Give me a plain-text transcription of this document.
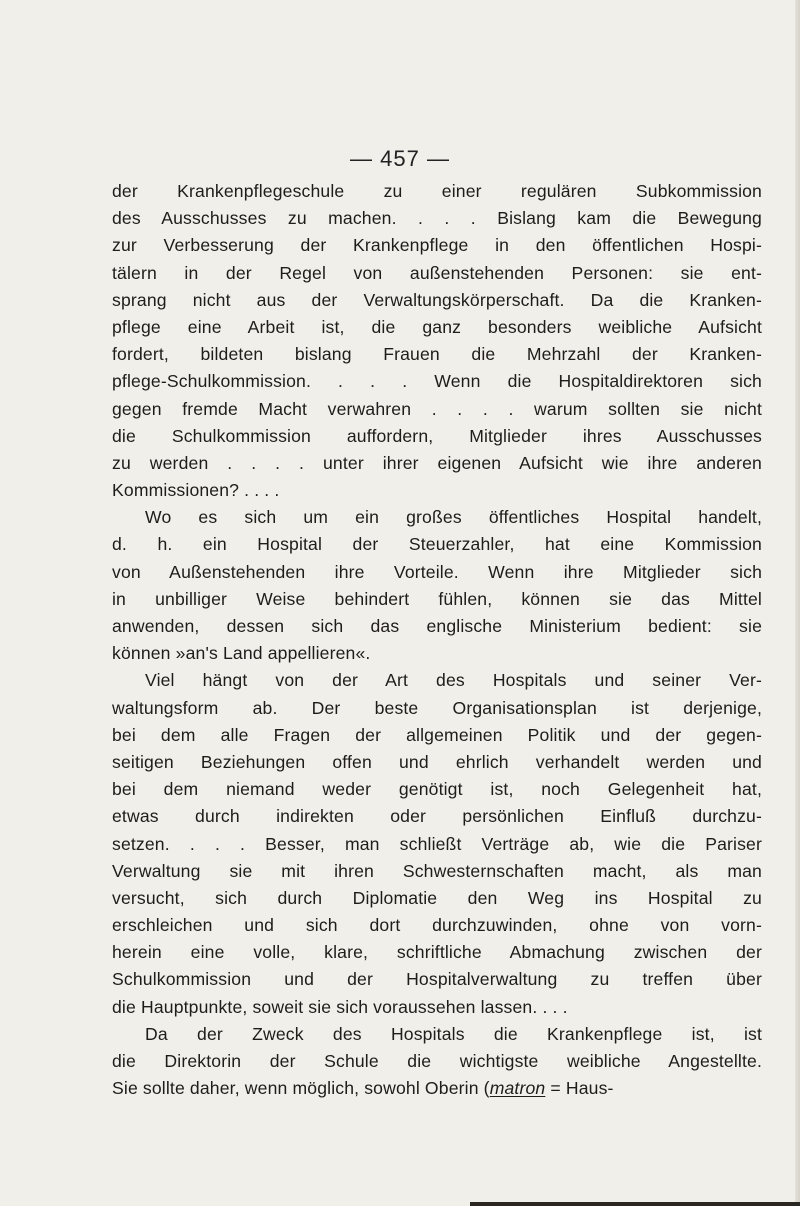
— 457 —

der Krankenpflegeschule zu einer regulären Subkommission
des Ausschusses zu machen. . . . Bislang kam die Bewegung
zur Verbesserung der Krankenpflege in den öffentlichen Hospi-
tälern in der Regel von außenstehenden Personen: sie ent-
sprang nicht aus der Verwaltungskörperschaft. Da die Kranken-
pflege eine Arbeit ist, die ganz besonders weibliche Aufsicht
fordert, bildeten bislang Frauen die Mehrzahl der Kranken-
pflege-Schulkommission. . . . Wenn die Hospitaldirektoren sich
gegen fremde Macht verwahren . . . . warum sollten sie nicht
die Schulkommission auffordern, Mitglieder ihres Ausschusses
zu werden . . . . unter ihrer eigenen Aufsicht wie ihre anderen
Kommissionen? . . . .
Wo es sich um ein großes öffentliches Hospital handelt,
d. h. ein Hospital der Steuerzahler, hat eine Kommission
von Außenstehenden ihre Vorteile. Wenn ihre Mitglieder sich
in unbilliger Weise behindert fühlen, können sie das Mittel
anwenden, dessen sich das englische Ministerium bedient: sie
können »an's Land appellieren«.
Viel hängt von der Art des Hospitals und seiner Ver-
waltungsform ab. Der beste Organisationsplan ist derjenige,
bei dem alle Fragen der allgemeinen Politik und der gegen-
seitigen Beziehungen offen und ehrlich verhandelt werden und
bei dem niemand weder genötigt ist, noch Gelegenheit hat,
etwas durch indirekten oder persönlichen Einfluß durchzu-
setzen. . . . Besser, man schließt Verträge ab, wie die Pariser
Verwaltung sie mit ihren Schwesternschaften macht, als man
versucht, sich durch Diplomatie den Weg ins Hospital zu
erschleichen und sich dort durchzuwinden, ohne von vorn-
herein eine volle, klare, schriftliche Abmachung zwischen der
Schulkommission und der Hospitalverwaltung zu treffen über
die Hauptpunkte, soweit sie sich voraussehen lassen. . . .
Da der Zweck des Hospitals die Krankenpflege ist, ist
die Direktorin der Schule die wichtigste weibliche Angestellte.
Sie sollte daher, wenn möglich, sowohl Oberin (matron = Haus-
